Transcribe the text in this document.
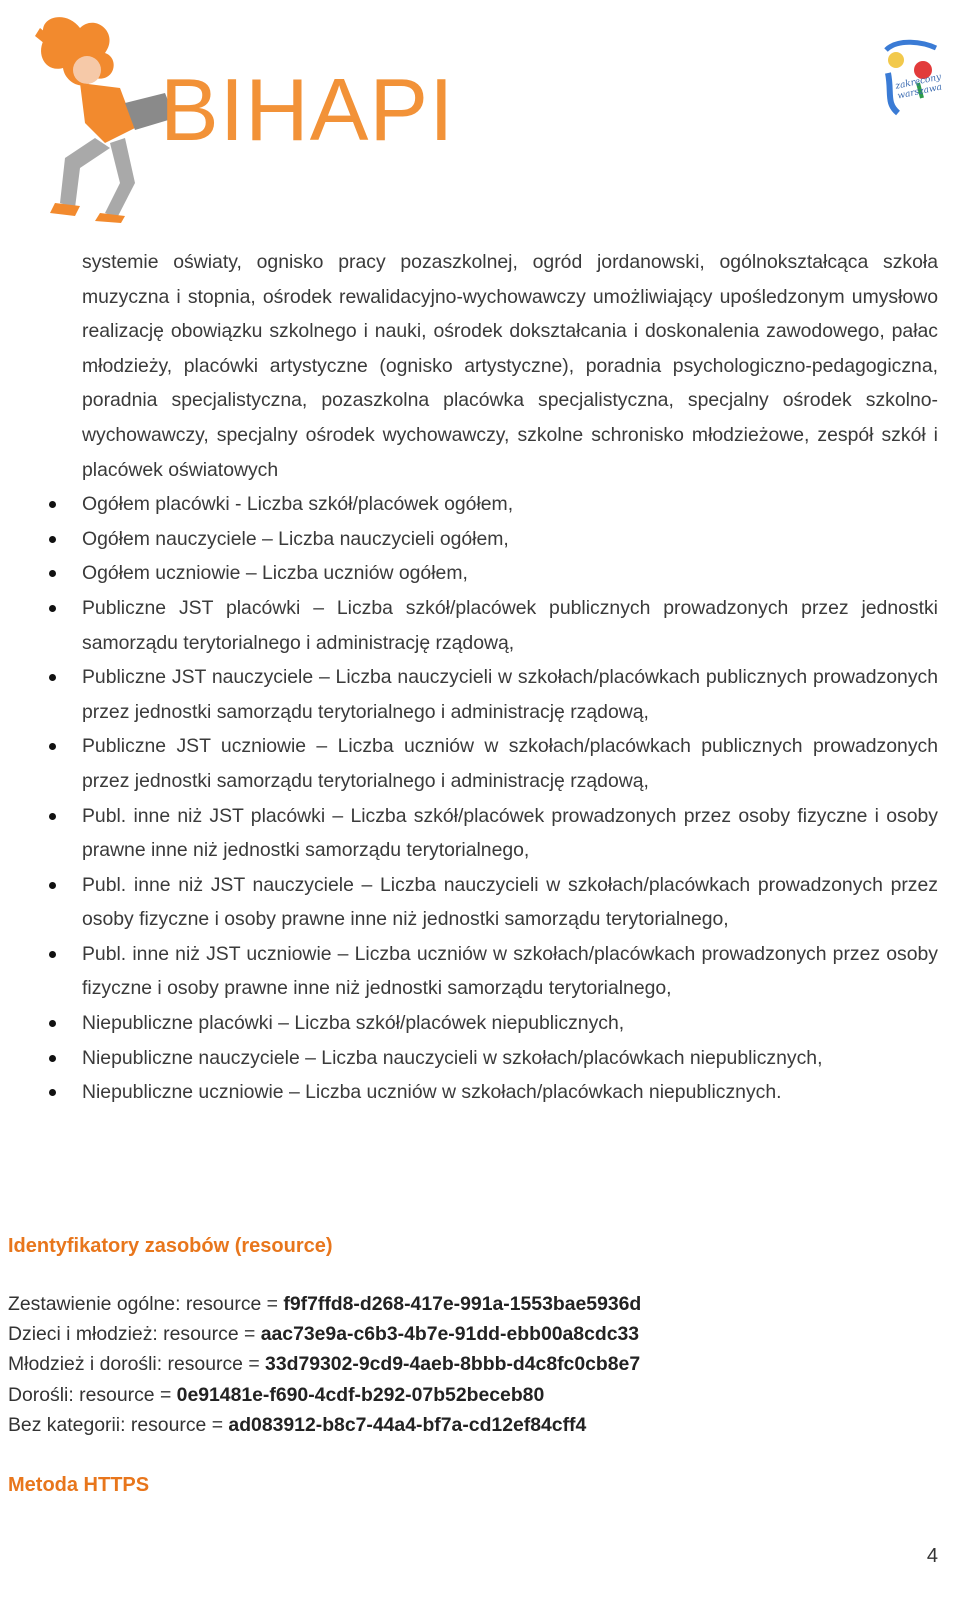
BIHAPI	zakręcony warszawa

systemie oświaty, ognisko pracy pozaszkolnej, ogród jordanowski, ogólnokształcąca szkoła muzyczna i stopnia, ośrodek rewalidacyjno-wychowawczy umożliwiający upośledzonym umysłowo realizację obowiązku szkolnego i nauki, ośrodek dokształcania i doskonalenia zawodowego, pałac młodzieży, placówki artystyczne (ognisko artystyczne), poradnia psychologiczno-pedagogiczna, poradnia specjalistyczna, pozaszkolna placówka specjalistyczna, specjalny ośrodek szkolno-wychowawczy, specjalny ośrodek wychowawczy, szkolne schronisko młodzieżowe, zespół szkół i placówek oświatowych

Ogółem placówki - Liczba szkół/placówek ogółem,
Ogółem nauczyciele – Liczba nauczycieli ogółem,
Ogółem uczniowie – Liczba uczniów ogółem,
Publiczne JST placówki – Liczba szkół/placówek publicznych prowadzonych przez jednostki samorządu terytorialnego i administrację rządową,
Publiczne JST nauczyciele – Liczba nauczycieli w szkołach/placówkach publicznych prowadzonych przez jednostki samorządu terytorialnego i administrację rządową,
Publiczne JST uczniowie – Liczba uczniów w szkołach/placówkach publicznych prowadzonych przez jednostki samorządu terytorialnego i administrację rządową,
Publ. inne niż JST placówki – Liczba szkół/placówek prowadzonych przez osoby fizyczne i osoby prawne inne niż jednostki samorządu terytorialnego,
Publ. inne niż JST nauczyciele – Liczba nauczycieli w szkołach/placówkach prowadzonych przez osoby fizyczne i osoby prawne inne niż jednostki samorządu terytorialnego,
Publ. inne niż JST uczniowie – Liczba uczniów w szkołach/placówkach prowadzonych przez osoby fizyczne i osoby prawne inne niż jednostki samorządu terytorialnego,
Niepubliczne placówki – Liczba szkół/placówek niepublicznych,
Niepubliczne nauczyciele – Liczba nauczycieli w szkołach/placówkach niepublicznych,
Niepubliczne uczniowie – Liczba uczniów w szkołach/placówkach niepublicznych.
Identyfikatory zasobów (resource)
Zestawienie ogólne: resource = f9f7ffd8-d268-417e-991a-1553bae5936d
Dzieci i młodzież: resource = aac73e9a-c6b3-4b7e-91dd-ebb00a8cdc33
Młodzież i dorośli: resource = 33d79302-9cd9-4aeb-8bbb-d4c8fc0cb8e7
Dorośli: resource = 0e91481e-f690-4cdf-b292-07b52beceb80
Bez kategorii: resource = ad083912-b8c7-44a4-bf7a-cd12ef84cff4
Metoda HTTPS
4
